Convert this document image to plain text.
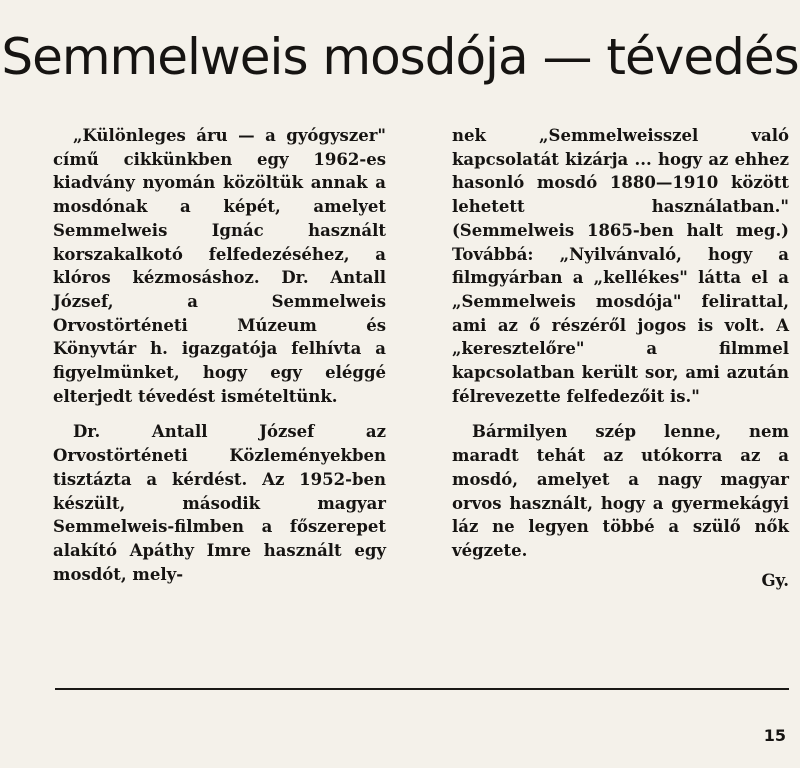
Semmelweis mosdója — tévedés

„Különleges áru — a gyógyszer" című cikkünkben egy 1962-es kiadvány nyomán közöltük annak a mosdónak a képét, amelyet Semmelweis Ignác használt korszakalkotó felfedezéséhez, a klóros kézmosáshoz. Dr. Antall József, a Semmelweis Orvostörténeti Múzeum és Könyvtár h. igazgatója felhívta a figyelmünket, hogy egy eléggé elterjedt tévedést ismételtünk.

Dr. Antall József az Orvostörténeti Közleményekben tisztázta a kérdést. Az 1952-ben készült, második magyar Semmelweis-filmben a főszerepet alakító Apáthy Imre használt egy mosdót, mely-

nek „Semmelweisszel való kapcsolatát kizárja ... hogy az ehhez hasonló mosdó 1880—1910 között lehetett használatban." (Semmelweis 1865-ben halt meg.) Továbbá: „Nyilvánvaló, hogy a filmgyárban a „kellékes" látta el a „Semmelweis mosdója" felirattal, ami az ő részéről jogos is volt. A „keresztelőre" a filmmel kapcsolatban került sor, ami azután félrevezette felfedezőit is."

Bármilyen szép lenne, nem maradt tehát az utókorra az a mosdó, amelyet a nagy magyar orvos használt, hogy a gyermekágyi láz ne legyen többé a szülő nők végzete.

Gy.
15
